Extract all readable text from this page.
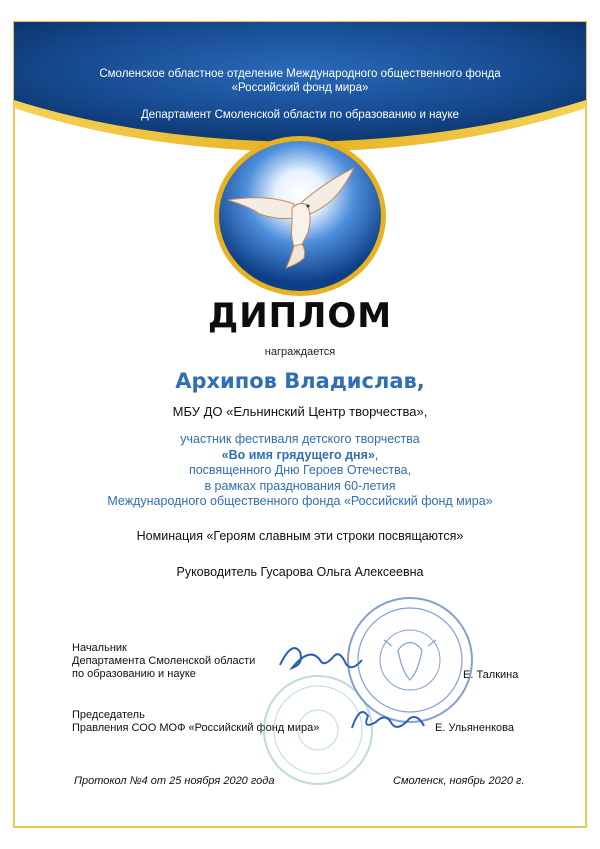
Смоленское областное отделение Международного общественного фонда
«Российский фонд мира»
Департамент Смоленской области по образованию и науке
ДИПЛОМ
награждается
Архипов Владислав,
МБУ ДО «Ельнинский Центр творчества»,
участник фестиваля детского творчества
«Во имя грядущего дня»,
посвященного Дню Героев Отечества,
в рамках празднования 60-летия
Международного общественного фонда «Российский фонд мира»
Номинация «Героям славным эти строки посвящаются»
Руководитель Гусарова Ольга Алексеевна
Начальник
Департамента Смоленской области
по образованию и науке	Е. Талкина
Председатель
Правления СОО МОФ «Российский фонд мира»	Е. Ульяненкова
Протокол №4 от 25 ноября 2020 года	Смоленск, ноябрь 2020 г.
